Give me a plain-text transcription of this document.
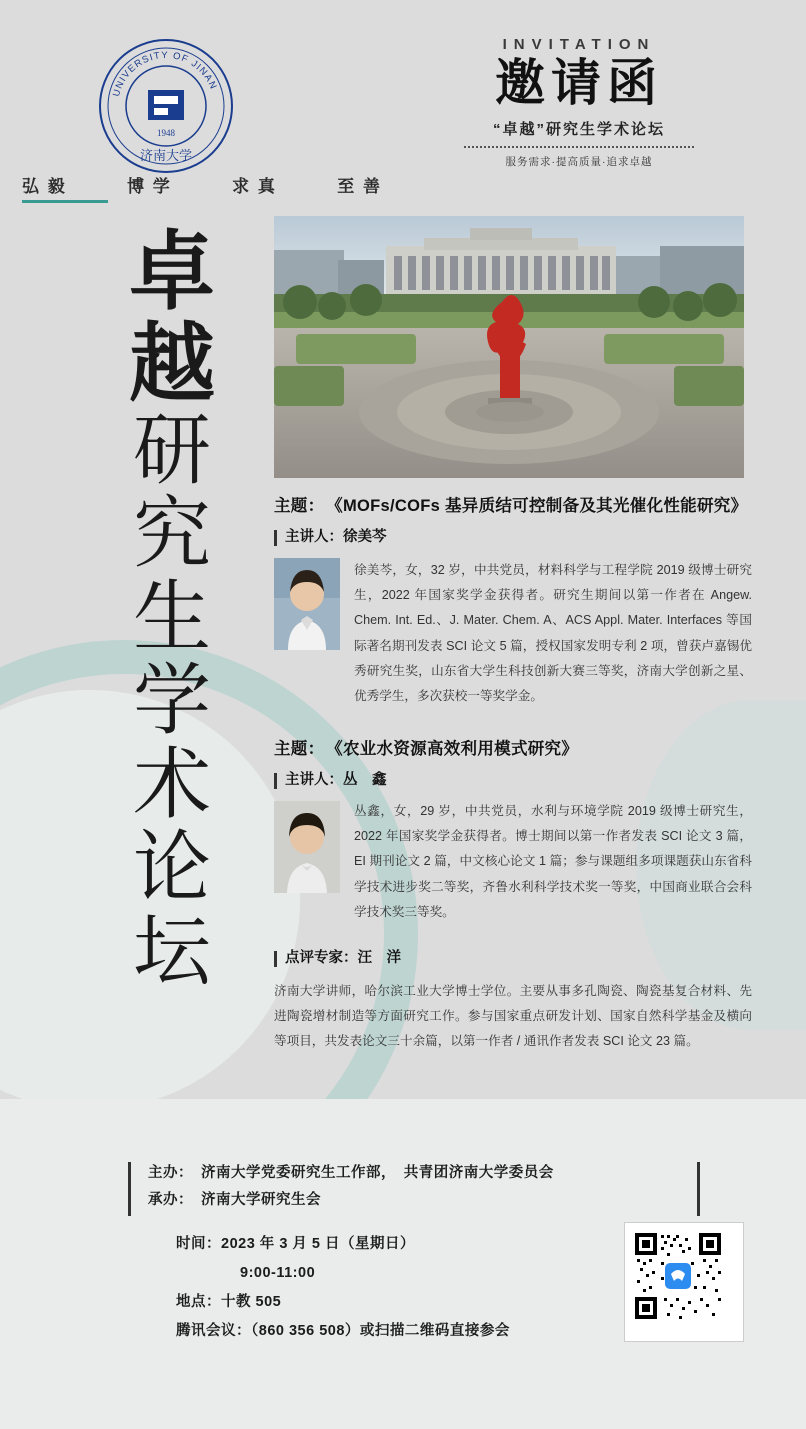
1948
UNIVERSITY OF JINAN
济南大学
INVITATION
邀请函
“卓越”研究生学术论坛
服务需求·提高质量·追求卓越
弘 毅	博 学	求 真	至 善
卓
越
研
究
生
学
术
论
坛
主题： 《MOFs/COFs 基异质结可控制备及其光催化性能研究》
主讲人：徐美芩
徐美芩，女，32 岁，中共党员，材料科学与工程学院 2019 级博士研究生，2022 年国家奖学金获得者。研究生期间以第一作者在 Angew. Chem. Int. Ed.、J. Mater. Chem. A、ACS Appl. Mater. Interfaces 等国际著名期刊发表 SCI 论文 5 篇，授权国家发明专利 2 项，曾获卢嘉锡优秀研究生奖，山东省大学生科技创新大赛三等奖，济南大学创新之星、优秀学生，多次获校一等奖学金。
主题： 《农业水资源高效利用模式研究》
主讲人：丛　鑫
丛鑫，女，29 岁，中共党员，水利与环境学院 2019 级博士研究生，2022 年国家奖学金获得者。博士期间以第一作者发表 SCI 论文 3 篇，EI 期刊论文 2 篇，中文核心论文 1 篇；参与课题组多项课题获山东省科学技术进步奖二等奖，齐鲁水利科学技术奖一等奖，中国商业联合会科学技术奖三等奖。
点评专家：汪　洋
济南大学讲师，哈尔滨工业大学博士学位。主要从事多孔陶瓷、陶瓷基复合材料、先进陶瓷增材制造等方面研究工作。参与国家重点研发计划、国家自然科学基金及横向等项目，共发表论文三十余篇，以第一作者 / 通讯作者发表 SCI 论文 23 篇。
主办： 济南大学党委研究生工作部，　共青团济南大学委员会
承办： 济南大学研究生会
时间：2023 年 3 月 5 日（星期日）
9:00-11:00
地点：十教 505
腾讯会议：（860 356 508）或扫描二维码直接参会
